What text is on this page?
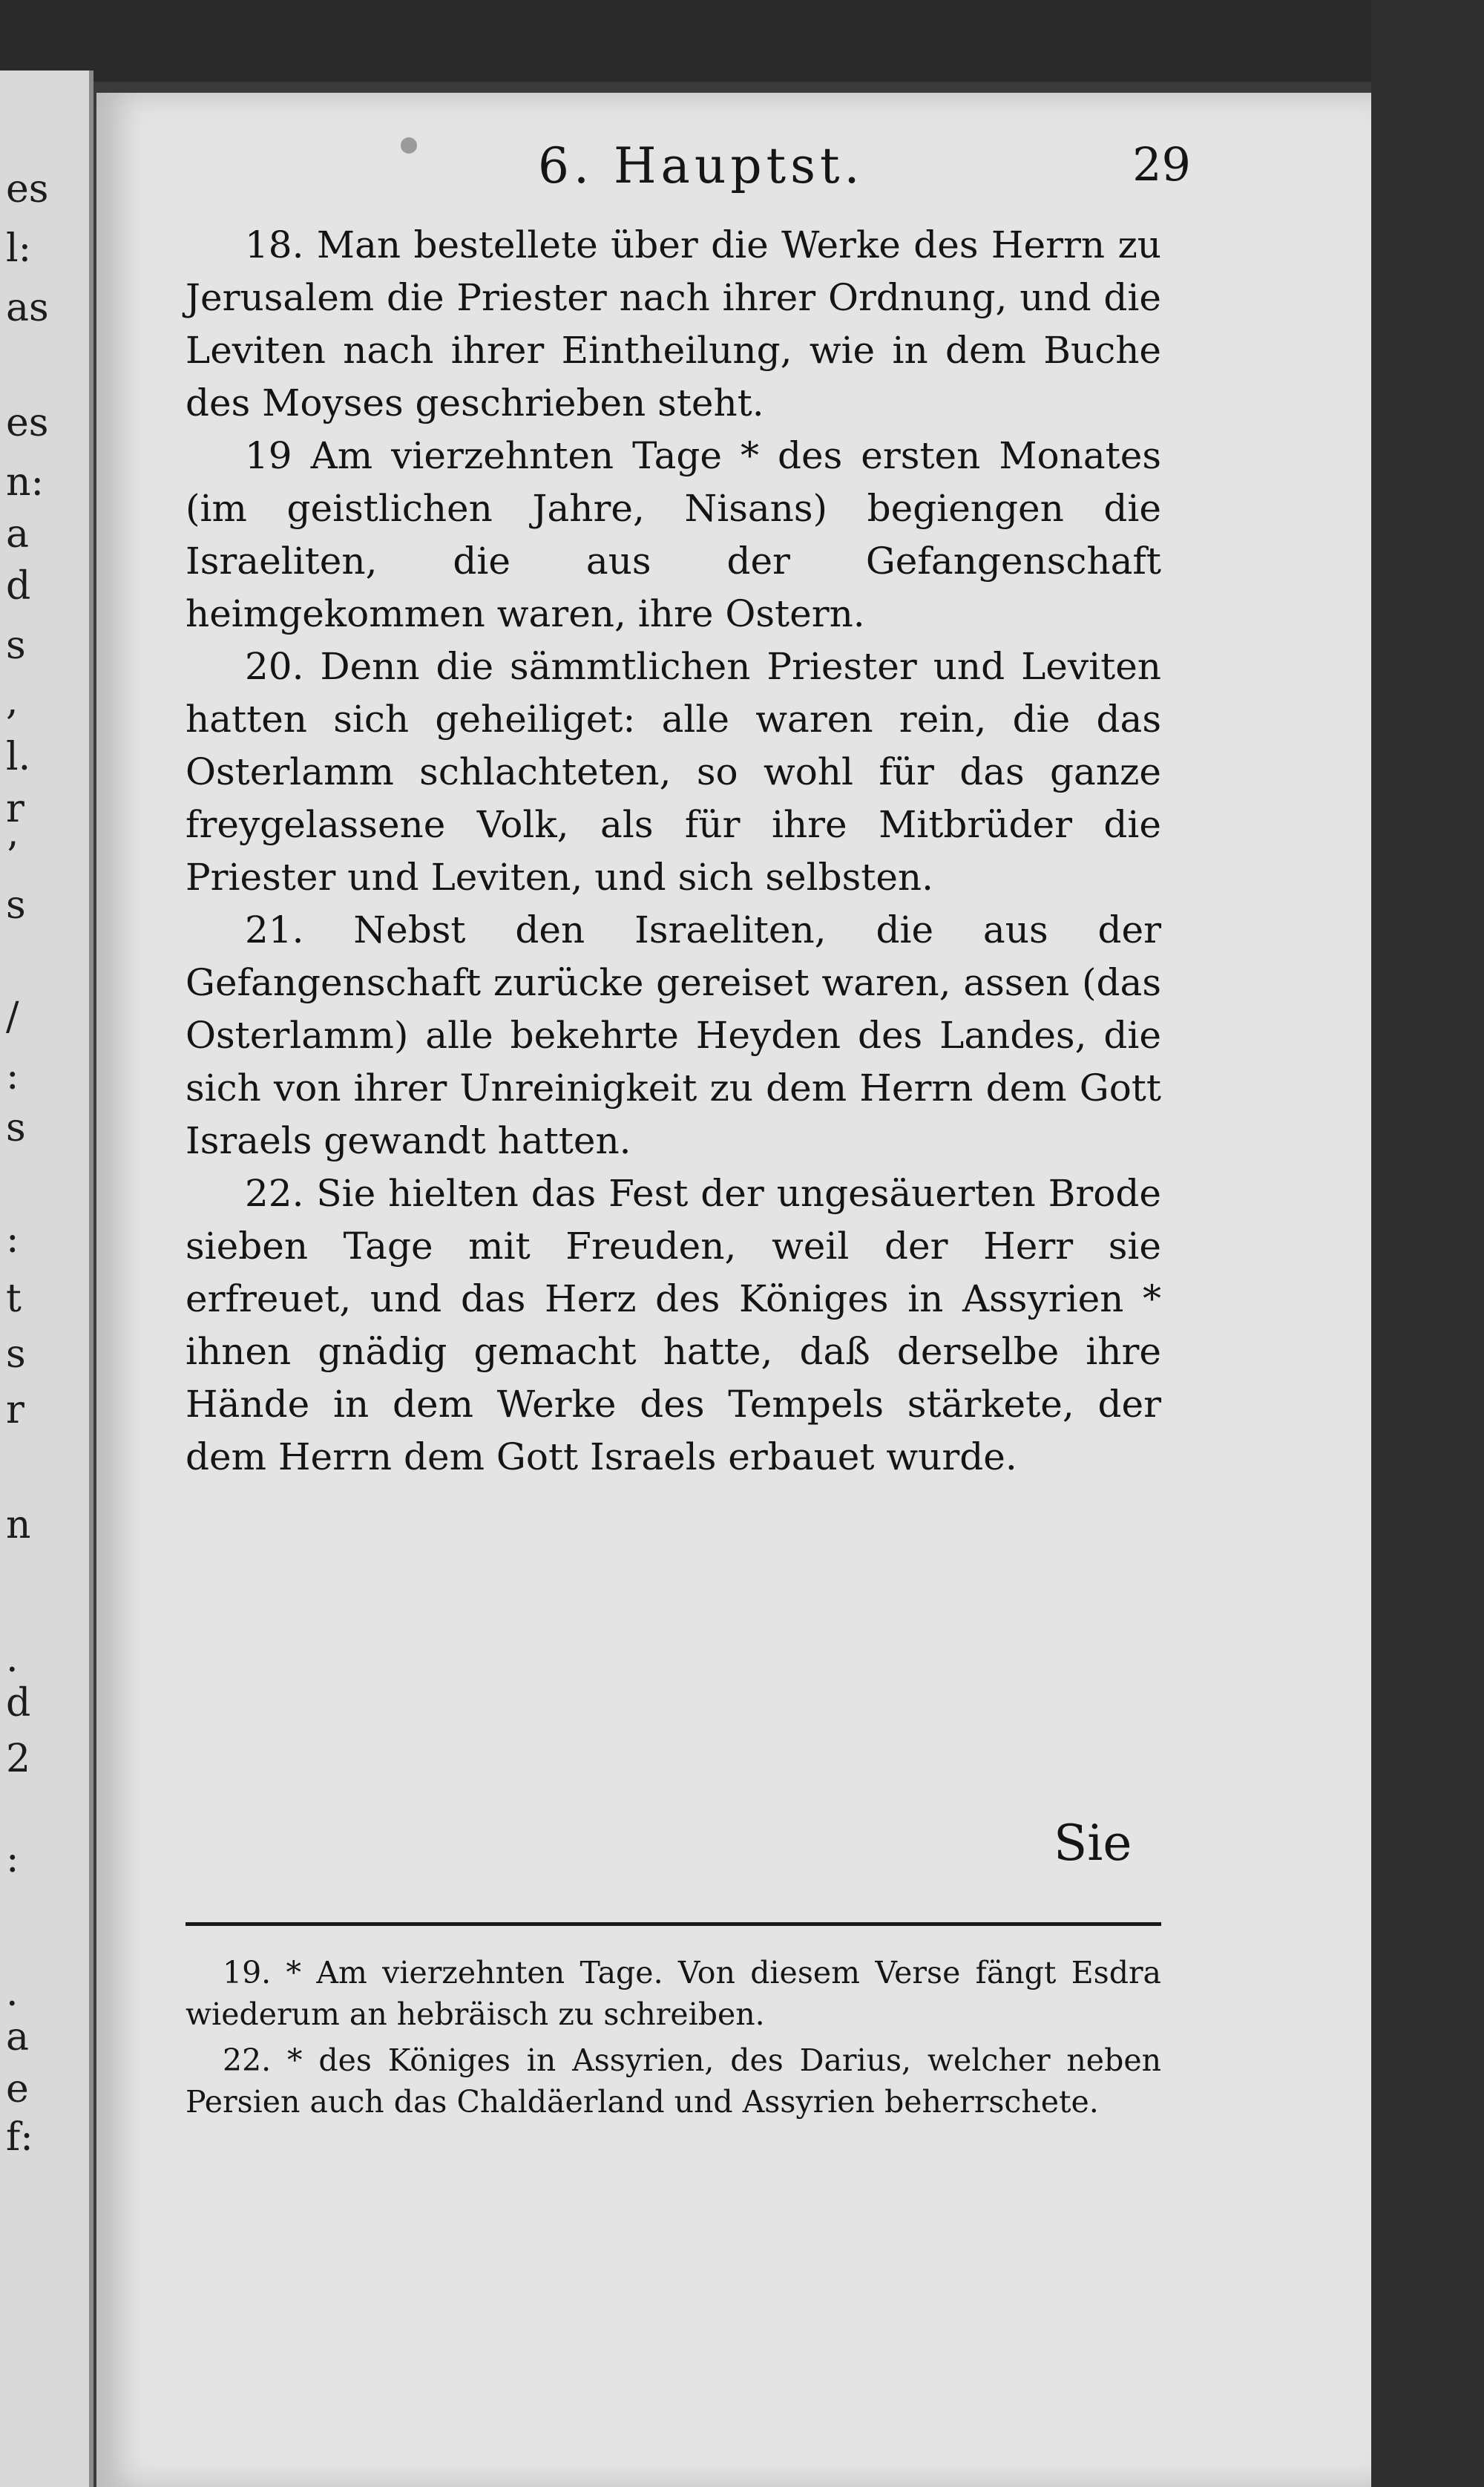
es
l:
as
es
n:
a
d
s
,
l.
r
’
s
/
:
s
:
t
s
r
n
.
d
2
:
.
a
e
f:
6. Hauptst.	29

18. Man bestellete über die Werke des Herrn zu Jerusalem die Priester nach ihrer Ordnung, und die Leviten nach ihrer Eintheilung, wie in dem Buche des Moyses geschrieben steht.

19 Am vierzehnten Tage * des ersten Monates (im geistlichen Jahre, Nisans) begiengen die Israeliten, die aus der Gefangenschaft heimgekommen waren, ihre Ostern.

20. Denn die sämmtlichen Priester und Leviten hatten sich geheiliget: alle waren rein, die das Osterlamm schlachteten, so wohl für das ganze freygelassene Volk, als für ihre Mitbrüder die Priester und Leviten, und sich selbsten.

21. Nebst den Israeliten, die aus der Gefangenschaft zurücke gereiset waren, assen (das Osterlamm) alle bekehrte Heyden des Landes, die sich von ihrer Unreinigkeit zu dem Herrn dem Gott Israels gewandt hatten.

22. Sie hielten das Fest der ungesäuerten Brode sieben Tage mit Freuden, weil der Herr sie erfreuet, und das Herz des Königes in Assyrien * ihnen gnädig gemacht hatte, daß derselbe ihre Hände in dem Werke des Tempels stärkete, der dem Herrn dem Gott Israels erbauet wurde.

Sie

19. * Am vierzehnten Tage. Von diesem Verse fängt Esdra wiederum an hebräisch zu schreiben.

22. * des Königes in Assyrien, des Darius, welcher neben Persien auch das Chaldäerland und Assyrien beherrschete.
